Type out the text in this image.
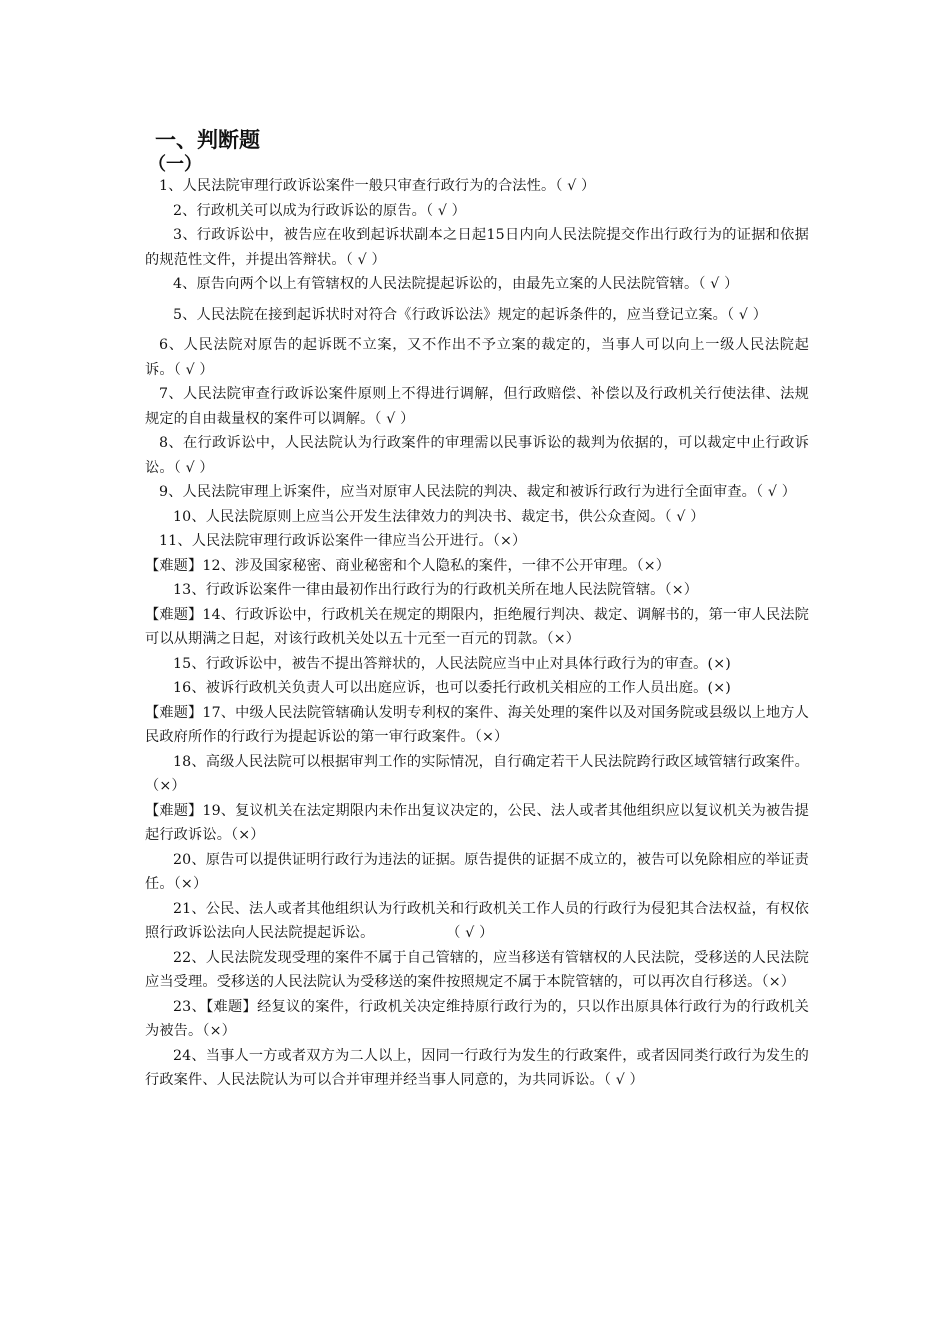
一、判断题
（一）

1、人民法院审理行政诉讼案件一般只审查行政行为的合法性。（ √ ）

2、行政机关可以成为行政诉讼的原告。（ √ ）

3、行政诉讼中，被告应在收到起诉状副本之日起15日内向人民法院提交作出行政行为的证据和依据的规范性文件，并提出答辩状。（ √ ）

4、原告向两个以上有管辖权的人民法院提起诉讼的，由最先立案的人民法院管辖。（ √ ）

5、人民法院在接到起诉状时对符合《行政诉讼法》规定的起诉条件的，应当登记立案。（ √ ）

6、人民法院对原告的起诉既不立案，又不作出不予立案的裁定的，当事人可以向上一级人民法院起诉。（ √ ）

7、人民法院审查行政诉讼案件原则上不得进行调解，但行政赔偿、补偿以及行政机关行使法律、法规规定的自由裁量权的案件可以调解。（ √ ）

8、在行政诉讼中，人民法院认为行政案件的审理需以民事诉讼的裁判为依据的，可以裁定中止行政诉讼。（ √ ）

9、人民法院审理上诉案件，应当对原审人民法院的判决、裁定和被诉行政行为进行全面审查。（ √ ）

10、人民法院原则上应当公开发生法律效力的判决书、裁定书，供公众查阅。（ √ ）

11、人民法院审理行政诉讼案件一律应当公开进行。（×）

【难题】12、涉及国家秘密、商业秘密和个人隐私的案件，一律不公开审理。（×）

13、行政诉讼案件一律由最初作出行政行为的行政机关所在地人民法院管辖。（×）

【难题】14、行政诉讼中，行政机关在规定的期限内，拒绝履行判决、裁定、调解书的，第一审人民法院可以从期满之日起，对该行政机关处以五十元至一百元的罚款。（×）

15、行政诉讼中，被告不提出答辩状的，人民法院应当中止对具体行政行为的审查。(×)

16、被诉行政机关负责人可以出庭应诉，也可以委托行政机关相应的工作人员出庭。(×)

【难题】17、中级人民法院管辖确认发明专利权的案件、海关处理的案件以及对国务院或县级以上地方人民政府所作的行政行为提起诉讼的第一审行政案件。（×）

18、高级人民法院可以根据审判工作的实际情况，自行确定若干人民法院跨行政区域管辖行政案件。（×）

【难题】19、复议机关在法定期限内未作出复议决定的，公民、法人或者其他组织应以复议机关为被告提起行政诉讼。（×）

20、原告可以提供证明行政行为违法的证据。原告提供的证据不成立的，被告可以免除相应的举证责任。（×）

21、公民、法人或者其他组织认为行政机关和行政机关工作人员的行政行为侵犯其合法权益，有权依照行政诉讼法向人民法院提起诉讼。　　　　　　（ √ ）

22、人民法院发现受理的案件不属于自己管辖的，应当移送有管辖权的人民法院，受移送的人民法院应当受理。受移送的人民法院认为受移送的案件按照规定不属于本院管辖的，可以再次自行移送。（×）

23、【难题】经复议的案件，行政机关决定维持原行政行为的，只以作出原具体行政行为的行政机关为被告。（×）

24、当事人一方或者双方为二人以上，因同一行政行为发生的行政案件，或者因同类行政行为发生的行政案件、人民法院认为可以合并审理并经当事人同意的，为共同诉讼。（ √ ）
